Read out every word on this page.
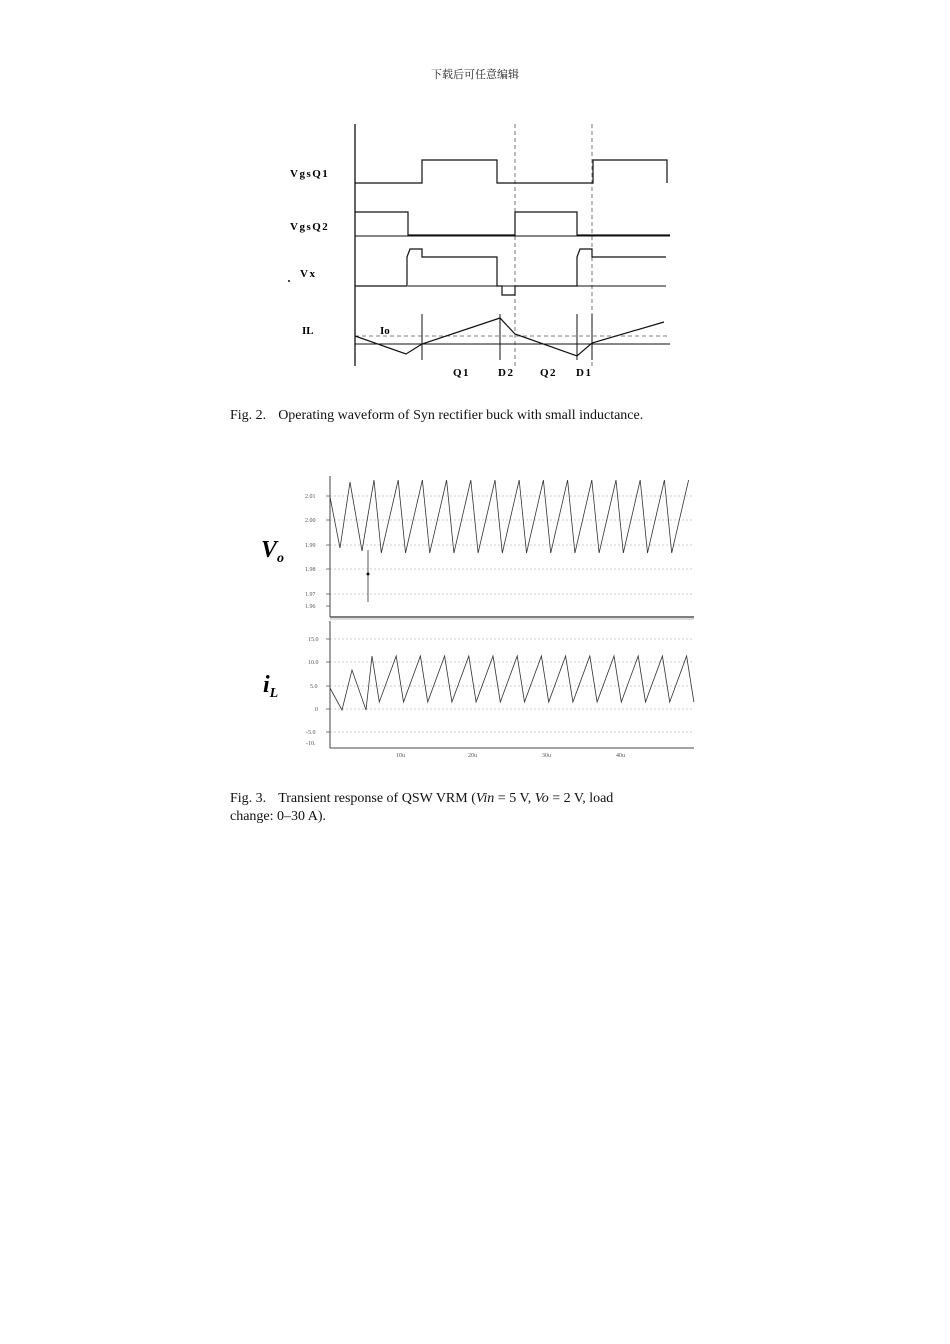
下载后可任意编辑
VgsQ1
VgsQ2
Vx
IL	Io
Q1	D2 Q2 D1
Fig. 2. Operating waveform of Syn rectifier buck with small inductance.
2.01
2.00
1.99
1.98
1.97
1.96
15.0
10.0
5.0
0
-5.0
-10.
10u	20u	30u	40u
$V_o$
$i_L$
Fig. 3. Transient response of QSW VRM (Vin = 5 V, Vo = 2 V, load
change: 0–30 A).
